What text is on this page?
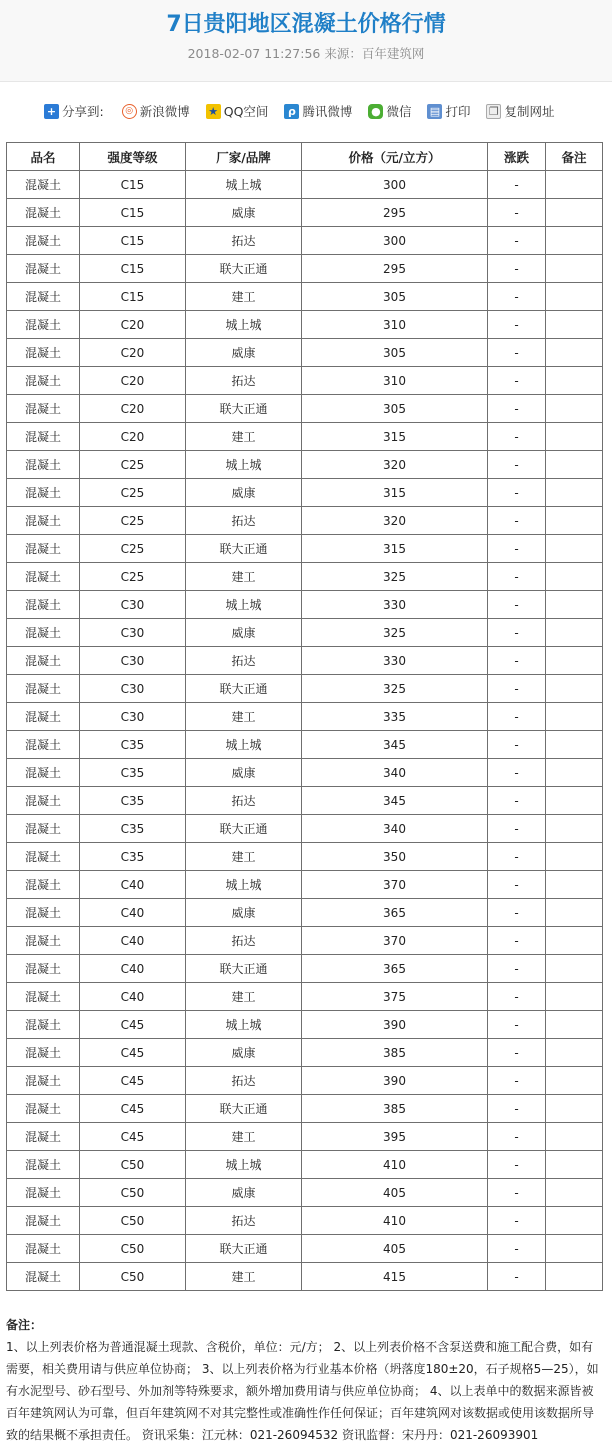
7日贵阳地区混凝土价格行情
2018-02-07 11:27:56 来源：百年建筑网
+ 分享到:	◎ 新浪微博 ★ QQ空间	ρ 腾讯微博 ● 微信 ▤ 打印 ❐ 复制网址
品名	强度等级	厂家/品牌	价格（元/立方）	涨跌	备注
混凝土	C15	城上城	300	-	
混凝土	C15	威康	295	-	
混凝土	C15	拓达	300	-	
混凝土	C15	联大正通	295	-	
混凝土	C15	建工	305	-	
混凝土	C20	城上城	310	-	
混凝土	C20	威康	305	-	
混凝土	C20	拓达	310	-	
混凝土	C20	联大正通	305	-	
混凝土	C20	建工	315	-	
混凝土	C25	城上城	320	-	
混凝土	C25	威康	315	-	
混凝土	C25	拓达	320	-	
混凝土	C25	联大正通	315	-	
混凝土	C25	建工	325	-	
混凝土	C30	城上城	330	-	
混凝土	C30	威康	325	-	
混凝土	C30	拓达	330	-	
混凝土	C30	联大正通	325	-	
混凝土	C30	建工	335	-	
混凝土	C35	城上城	345	-	
混凝土	C35	威康	340	-	
混凝土	C35	拓达	345	-	
混凝土	C35	联大正通	340	-	
混凝土	C35	建工	350	-	
混凝土	C40	城上城	370	-	
混凝土	C40	威康	365	-	
混凝土	C40	拓达	370	-	
混凝土	C40	联大正通	365	-	
混凝土	C40	建工	375	-	
混凝土	C45	城上城	390	-	
混凝土	C45	威康	385	-	
混凝土	C45	拓达	390	-	
混凝土	C45	联大正通	385	-	
混凝土	C45	建工	395	-	
混凝土	C50	城上城	410	-	
混凝土	C50	威康	405	-	
混凝土	C50	拓达	410	-	
混凝土	C50	联大正通	405	-	
混凝土	C50	建工	415	-	
备注：
1、以上列表价格为普通混凝土现款、含税价，单位：元/方； 2、以上列表价格不含泵送费和施工配合费，如有需要，相关费用请与供应单位协商； 3、以上列表价格为行业基本价格（坍落度180±20，石子规格5—25），如有水泥型号、砂石型号、外加剂等特殊要求，额外增加费用请与供应单位协商； 4、以上表单中的数据来源皆被百年建筑网认为可靠，但百年建筑网不对其完整性或准确性作任何保证；百年建筑网对该数据或使用该数据所导致的结果概不承担责任。 资讯采集：江元林：021-26094532 资讯监督：宋丹丹：021-26093901
